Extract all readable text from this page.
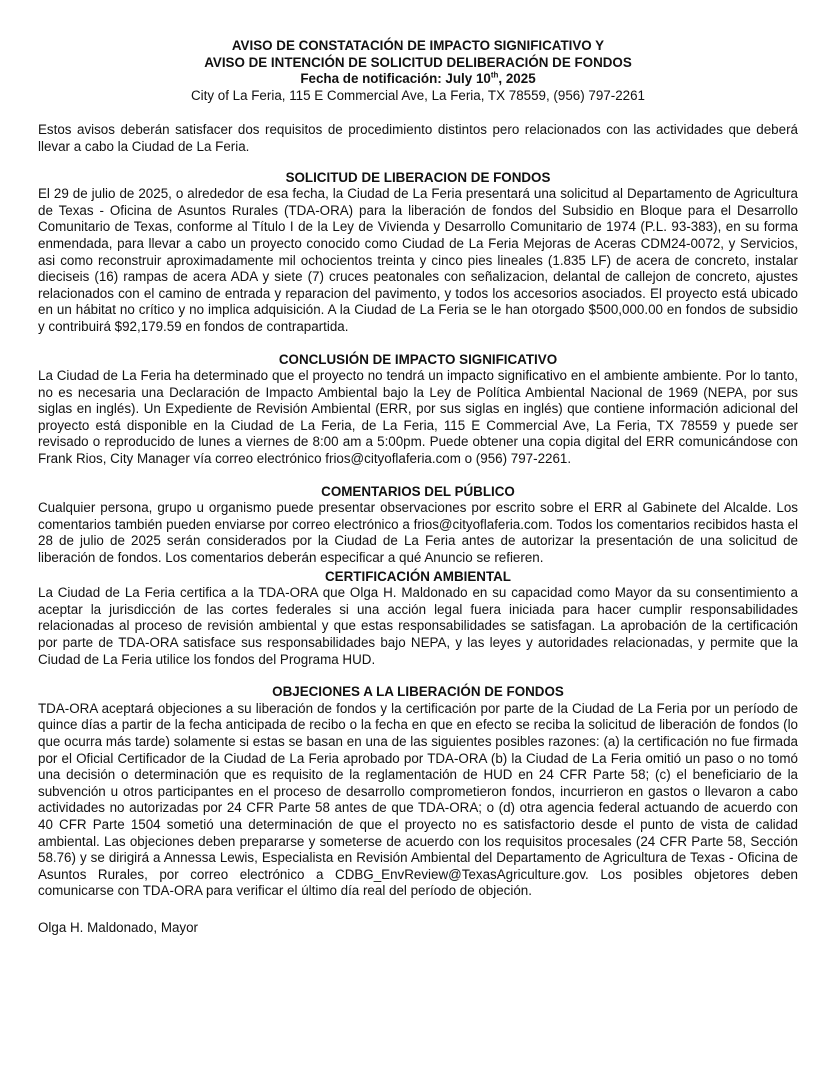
AVISO DE CONSTATACIÓN DE IMPACTO SIGNIFICATIVO Y
AVISO DE INTENCIÓN DE SOLICITUD DELIBERACIÓN DE FONDOS
Fecha de notificación: July 10th, 2025
City of La Feria, 115 E Commercial Ave, La Feria, TX 78559, (956) 797-2261
Estos avisos deberán satisfacer dos requisitos de procedimiento distintos pero relacionados con las actividades que deberá llevar a cabo la Ciudad de La Feria.
SOLICITUD DE LIBERACION DE FONDOS
El 29 de julio de 2025, o alrededor de esa fecha, la Ciudad de La Feria presentará una solicitud al Departamento de Agricultura de Texas - Oficina de Asuntos Rurales (TDA-ORA) para la liberación de fondos del Subsidio en Bloque para el Desarrollo Comunitario de Texas, conforme al Título I de la Ley de Vivienda y Desarrollo Comunitario de 1974 (P.L. 93-383), en su forma enmendada, para llevar a cabo un proyecto conocido como Ciudad de La Feria Mejoras de Aceras CDM24-0072, y Servicios, asi como reconstruir aproximadamente mil ochocientos treinta y cinco pies lineales (1.835 LF) de acera de concreto, instalar dieciseis (16) rampas de acera ADA y siete (7) cruces peatonales con señalizacion, delantal de callejon de concreto, ajustes relacionados con el camino de entrada y reparacion del pavimento, y todos los accesorios asociados. El proyecto está ubicado en un hábitat no crítico y no implica adquisición. A la Ciudad de La Feria se le han otorgado $500,000.00 en fondos de subsidio y contribuirá $92,179.59 en fondos de contrapartida.
CONCLUSIÓN DE IMPACTO SIGNIFICATIVO
La Ciudad de La Feria ha determinado que el proyecto no tendrá un impacto significativo en el ambiente ambiente. Por lo tanto, no es necesaria una Declaración de Impacto Ambiental bajo la Ley de Política Ambiental Nacional de 1969 (NEPA, por sus siglas en inglés). Un Expediente de Revisión Ambiental (ERR, por sus siglas en inglés) que contiene información adicional del proyecto está disponible en la Ciudad de La Feria, de La Feria, 115 E Commercial Ave, La Feria, TX 78559 y puede ser revisado o reproducido de lunes a viernes de 8:00 am a 5:00pm. Puede obtener una copia digital del ERR comunicándose con Frank Rios, City Manager vía correo electrónico frios@cityoflaferia.com o (956) 797-2261.
COMENTARIOS DEL PÚBLICO
Cualquier persona, grupo u organismo puede presentar observaciones por escrito sobre el ERR al Gabinete del Alcalde. Los comentarios también pueden enviarse por correo electrónico a frios@cityoflaferia.com. Todos los comentarios recibidos hasta el 28 de julio de 2025 serán considerados por la Ciudad de La Feria antes de autorizar la presentación de una solicitud de liberación de fondos. Los comentarios deberán especificar a qué Anuncio se refieren.
CERTIFICACIÓN AMBIENTAL
La Ciudad de La Feria certifica a la TDA-ORA que Olga H. Maldonado en su capacidad como Mayor da su consentimiento a aceptar la jurisdicción de las cortes federales si una acción legal fuera iniciada para hacer cumplir responsabilidades relacionadas al proceso de revisión ambiental y que estas responsabilidades se satisfagan. La aprobación de la certificación por parte de TDA-ORA satisface sus responsabilidades bajo NEPA, y las leyes y autoridades relacionadas, y permite que la Ciudad de La Feria utilice los fondos del Programa HUD.
OBJECIONES A LA LIBERACIÓN DE FONDOS
TDA-ORA aceptará objeciones a su liberación de fondos y la certificación por parte de la Ciudad de La Feria por un período de quince días a partir de la fecha anticipada de recibo o la fecha en que en efecto se reciba la solicitud de liberación de fondos (lo que ocurra más tarde) solamente si estas se basan en una de las siguientes posibles razones: (a) la certificación no fue firmada por el Oficial Certificador de la Ciudad de La Feria aprobado por TDA-ORA (b) la Ciudad de La Feria omitió un paso o no tomó una decisión o determinación que es requisito de la reglamentación de HUD en 24 CFR Parte 58; (c) el beneficiario de la subvención u otros participantes en el proceso de desarrollo comprometieron fondos, incurrieron en gastos o llevaron a cabo actividades no autorizadas por 24 CFR Parte 58 antes de que TDA-ORA; o (d) otra agencia federal actuando de acuerdo con 40 CFR Parte 1504 sometió una determinación de que el proyecto no es satisfactorio desde el punto de vista de calidad ambiental. Las objeciones deben prepararse y someterse de acuerdo con los requisitos procesales (24 CFR Parte 58, Sección 58.76) y se dirigirá a Annessa Lewis, Especialista en Revisión Ambiental del Departamento de Agricultura de Texas - Oficina de Asuntos Rurales, por correo electrónico a CDBG_EnvReview@TexasAgriculture.gov. Los posibles objetores deben comunicarse con TDA-ORA para verificar el último día real del período de objeción.
Olga H. Maldonado, Mayor
